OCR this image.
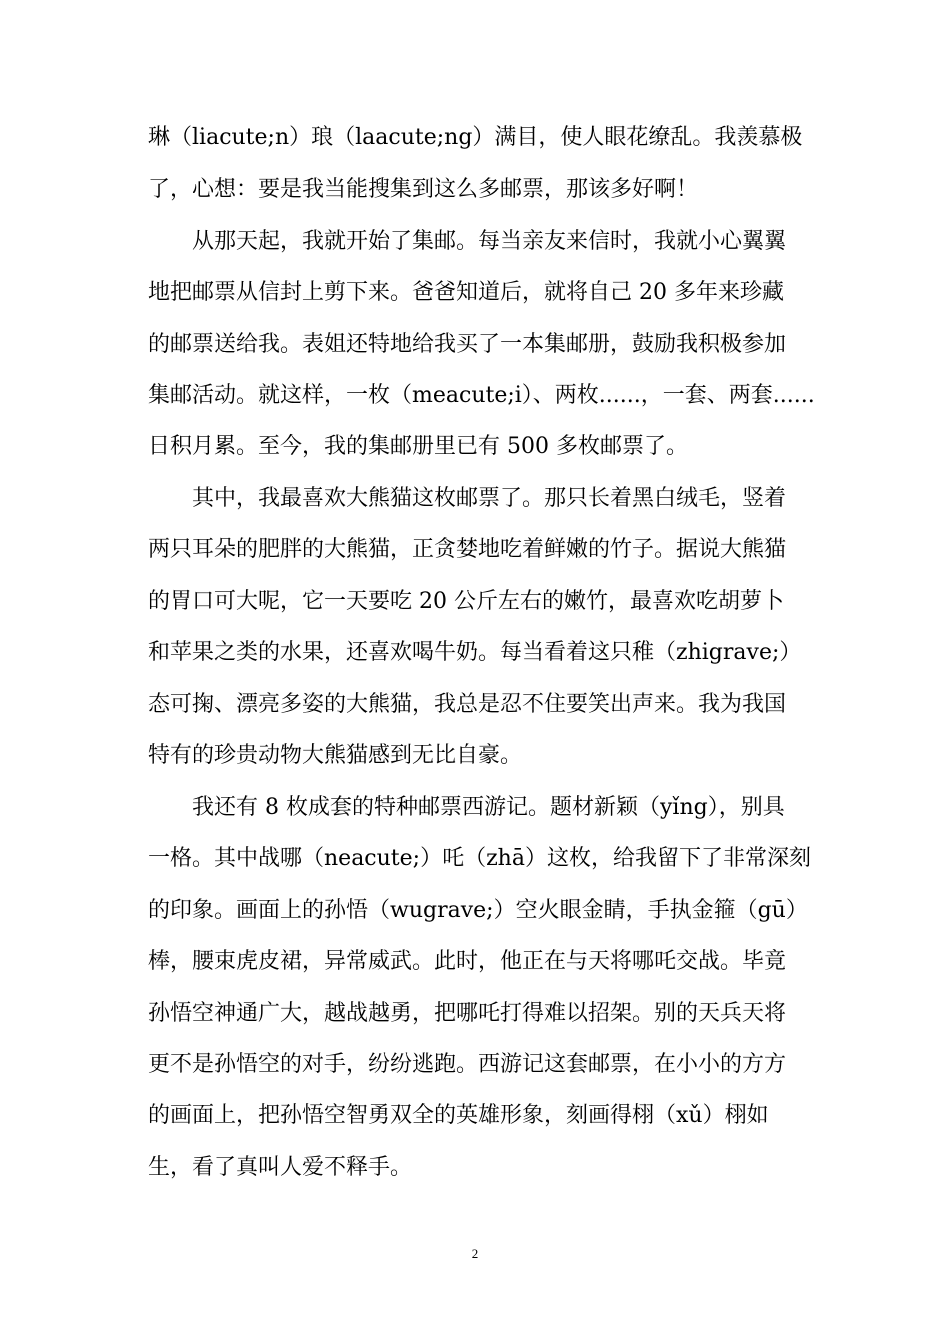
琳（liacute;n）琅（laacute;ng）满目，使人眼花缭乱。我羡慕极
了，心想：要是我当能搜集到这么多邮票，那该多好啊！
　　从那天起，我就开始了集邮。每当亲友来信时，我就小心翼翼
地把邮票从信封上剪下来。爸爸知道后，就将自己 20 多年来珍藏
的邮票送给我。表姐还特地给我买了一本集邮册，鼓励我积极参加
集邮活动。就这样，一枚（meacute;i）、两枚......，一套、两套......
日积月累。至今，我的集邮册里已有 500 多枚邮票了。
　　其中，我最喜欢大熊猫这枚邮票了。那只长着黑白绒毛，竖着
两只耳朵的肥胖的大熊猫，正贪婪地吃着鲜嫩的竹子。据说大熊猫
的胃口可大呢，它一天要吃 20 公斤左右的嫩竹，最喜欢吃胡萝卜
和苹果之类的水果，还喜欢喝牛奶。每当看着这只稚（zhigrave;）
态可掬、漂亮多姿的大熊猫，我总是忍不住要笑出声来。我为我国
特有的珍贵动物大熊猫感到无比自豪。
　　我还有 8 枚成套的特种邮票西游记。题材新颖（yǐng），别具
一格。其中战哪（neacute;）吒（zhā）这枚，给我留下了非常深刻
的印象。画面上的孙悟（wugrave;）空火眼金睛，手执金箍（gū）
棒，腰束虎皮裙，异常威武。此时，他正在与天将哪吒交战。毕竟
孙悟空神通广大，越战越勇，把哪吒打得难以招架。别的天兵天将
更不是孙悟空的对手，纷纷逃跑。西游记这套邮票，在小小的方方
的画面上，把孙悟空智勇双全的英雄形象，刻画得栩（xǔ）栩如
生，看了真叫人爱不释手。
2
